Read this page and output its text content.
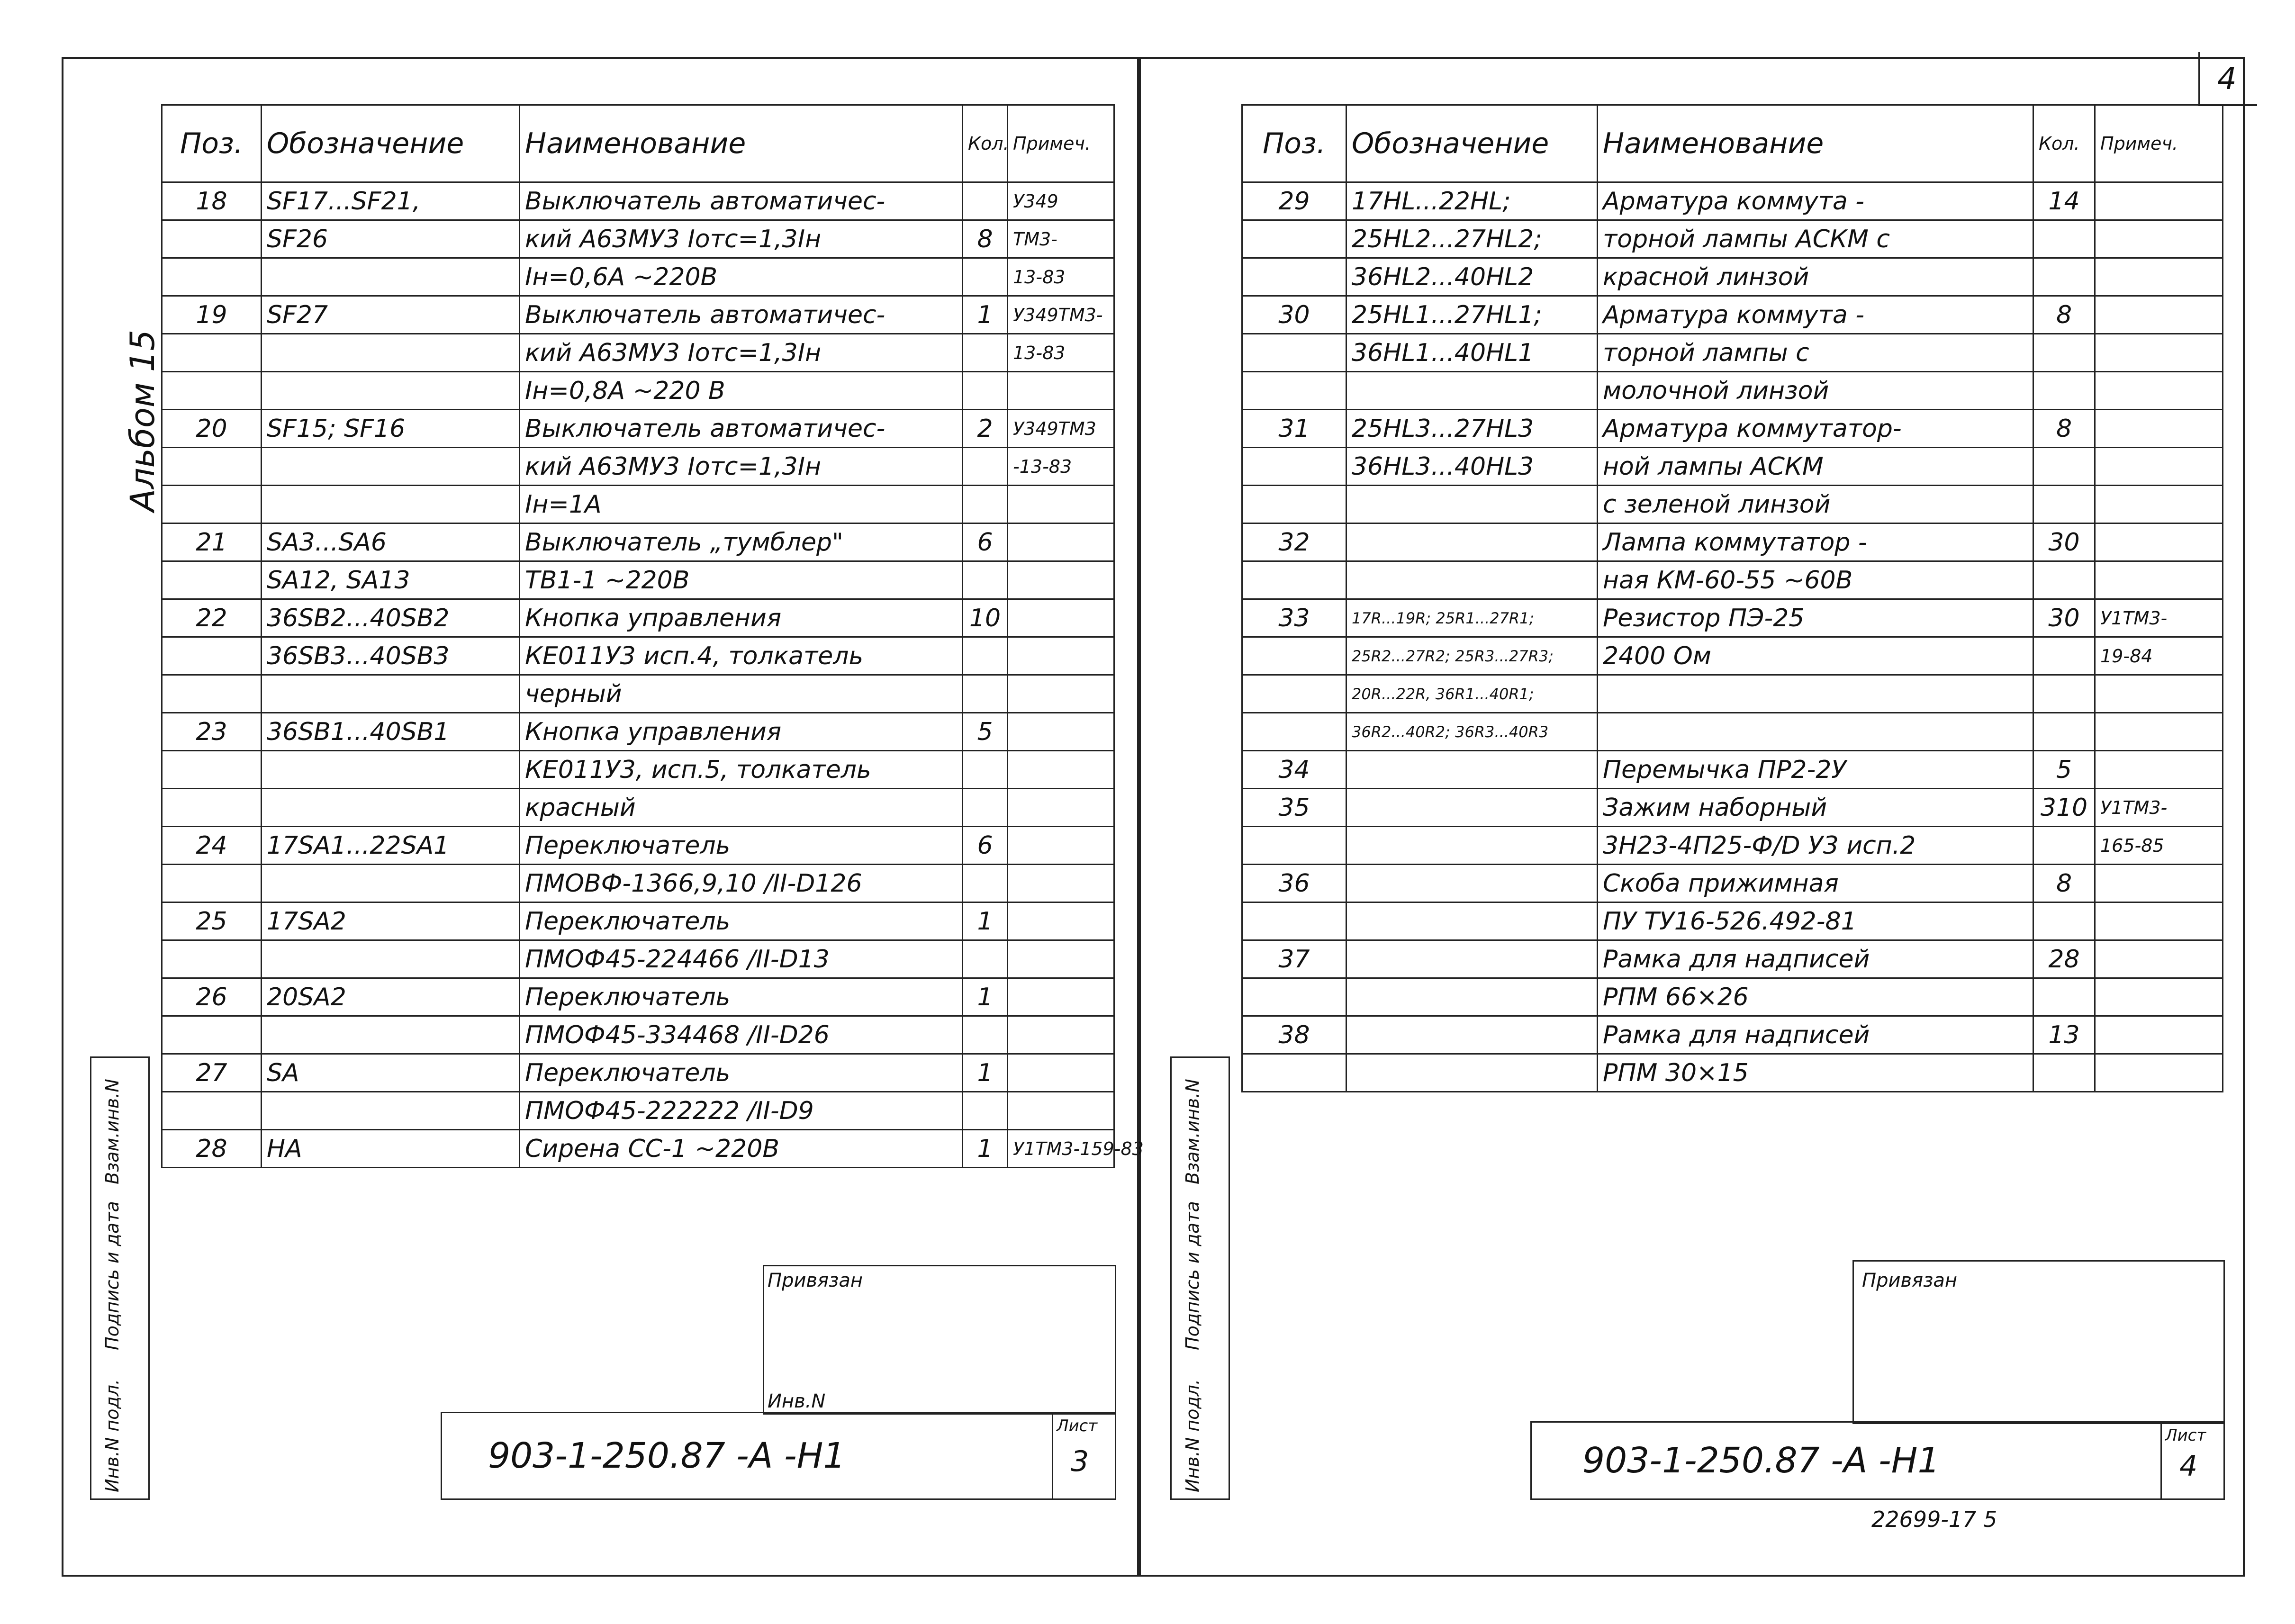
4
Альбом 15
Поз.	Обозначение	Наименование	Кол.	Примеч.
18	SF17...SF21,	Выключатель автоматичес-		У349
	SF26	кий А63МУ3 Iотс=1,3Iн	8	ТМ3-
		Iн=0,6А ~220В		13-83
19	SF27	Выключатель автоматичес-	1	У349ТМ3-
		кий А63МУ3 Iотс=1,3Iн		13-83
		Iн=0,8А ~220 В		
20	SF15; SF16	Выключатель автоматичес-	2	У349ТМ3
		кий А63МУ3 Iотс=1,3Iн		-13-83
		Iн=1А		
21	SA3...SA6	Выключатель „тумблер"	6	
	SA12, SA13	ТВ1-1 ~220В		
22	36SB2...40SB2	Кнопка управления	10	
	36SB3...40SB3	КЕ011У3 исп.4, толкатель		
		черный		
23	36SB1...40SB1	Кнопка управления	5	
		КЕ011У3, исп.5, толкатель		
		красный		
24	17SA1...22SA1	Переключатель	6	
		ПМОВФ-1366,9,10 /II-D126		
25	17SA2	Переключатель	1	
		ПМОФ45-224466 /II-D13		
26	20SA2	Переключатель	1	
		ПМОФ45-334468 /II-D26		
27	SA	Переключатель	1	
		ПМОФ45-222222 /II-D9		
28	HA	Сирена СС-1 ~220В	1	У1ТМ3-159-83
Инв.N подл.
Подпись и дата
Взам.инв.N
Привязан
Инв.N
903-1-250.87 -А -Н1
Лист
3
Поз.	Обозначение	Наименование	Кол.	Примеч.
29	17HL...22HL;	Арматура коммута -	14	
	25HL2...27HL2;	торной лампы АСКМ с		
	36HL2...40HL2	красной линзой		
30	25HL1...27HL1;	Арматура коммута -	8	
	36HL1...40HL1	торной лампы с		
		молочной линзой		
31	25HL3...27HL3	Арматура коммутатор-	8	
	36HL3...40HL3	ной лампы АСКМ		
		с зеленой линзой		
32		Лампа коммутатор -	30	
		ная КМ-60-55 ~60В		
33	17R...19R; 25R1...27R1;	Резистор ПЭ-25	30	У1ТМ3-
	25R2...27R2; 25R3...27R3;	2400 Ом		19-84
	20R...22R, 36R1...40R1;			
	36R2...40R2; 36R3...40R3			
34		Перемычка ПР2-2У	5	
35		Зажим наборный	310	У1ТМ3-
		3Н23-4П25-Ф/D У3 исп.2		165-85
36		Скоба прижимная	8	
		ПУ ТУ16-526.492-81		
37		Рамка для надписей	28	
		РПМ 66×26		
38		Рамка для надписей	13	
		РПМ 30×15		
Инв.N подл.
Подпись и дата
Взам.инв.N
Привязан
903-1-250.87 -А -Н1
Лист
4
22699-17 5
